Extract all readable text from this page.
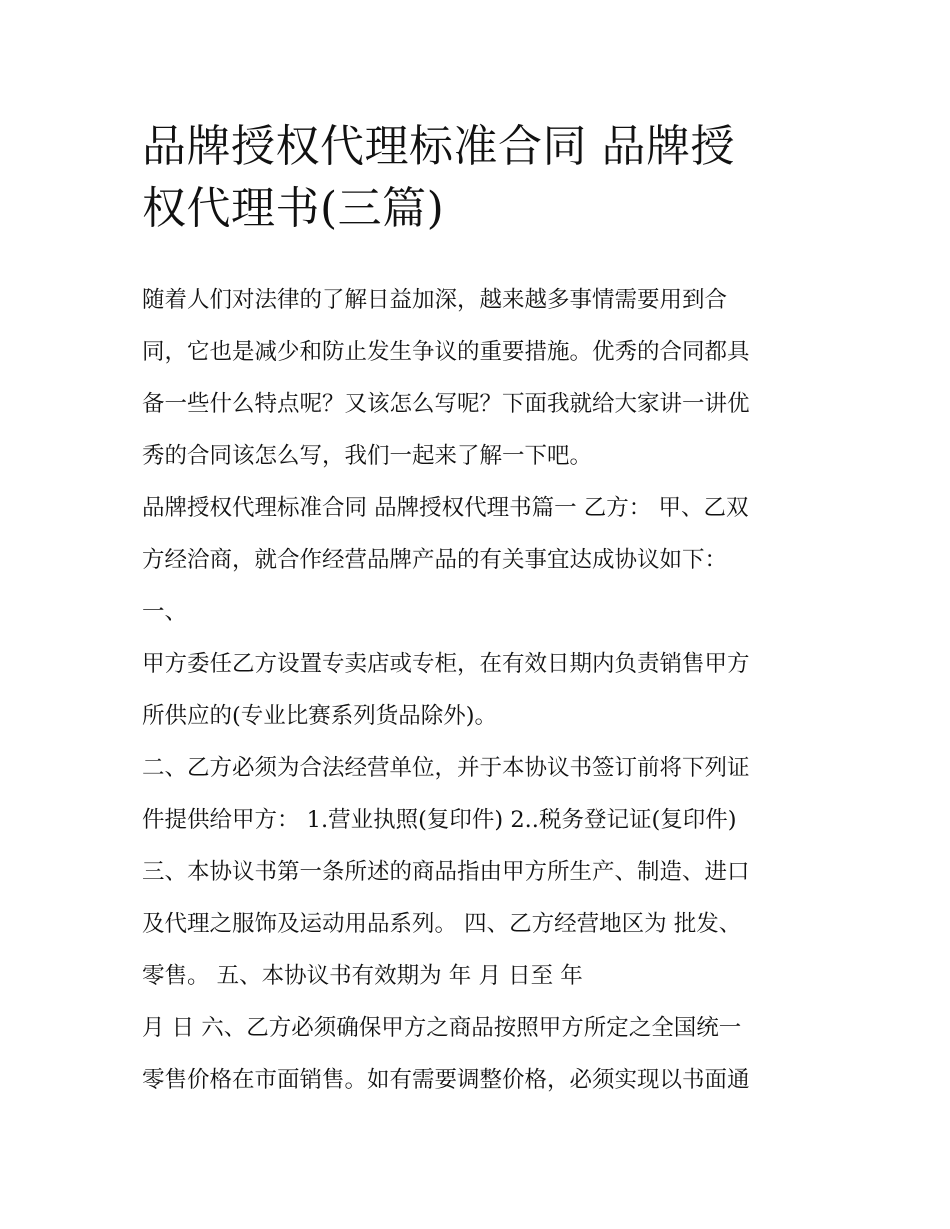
品牌授权代理标准合同 品牌授
权代理书(三篇)
随着人们对法律的了解日益加深，越来越多事情需要用到合
同，它也是减少和防止发生争议的重要措施。优秀的合同都具
备一些什么特点呢？又该怎么写呢？下面我就给大家讲一讲优
秀的合同该怎么写，我们一起来了解一下吧。
品牌授权代理标准合同 品牌授权代理书篇一 乙方： 甲、乙双
方经洽商，就合作经营品牌产品的有关事宜达成协议如下：
一、
甲方委任乙方设置专卖店或专柜，在有效日期内负责销售甲方
所供应的(专业比赛系列货品除外)。
二、乙方必须为合法经营单位，并于本协议书签订前将下列证
件提供给甲方： 1.营业执照(复印件) 2..税务登记证(复印件)
三、本协议书第一条所述的商品指由甲方所生产、制造、进口
及代理之服饰及运动用品系列。 四、乙方经营地区为 批发、
零售。 五、本协议书有效期为 年 月 日至 年
月 日 六、乙方必须确保甲方之商品按照甲方所定之全国统一
零售价格在市面销售。如有需要调整价格，必须实现以书面通
